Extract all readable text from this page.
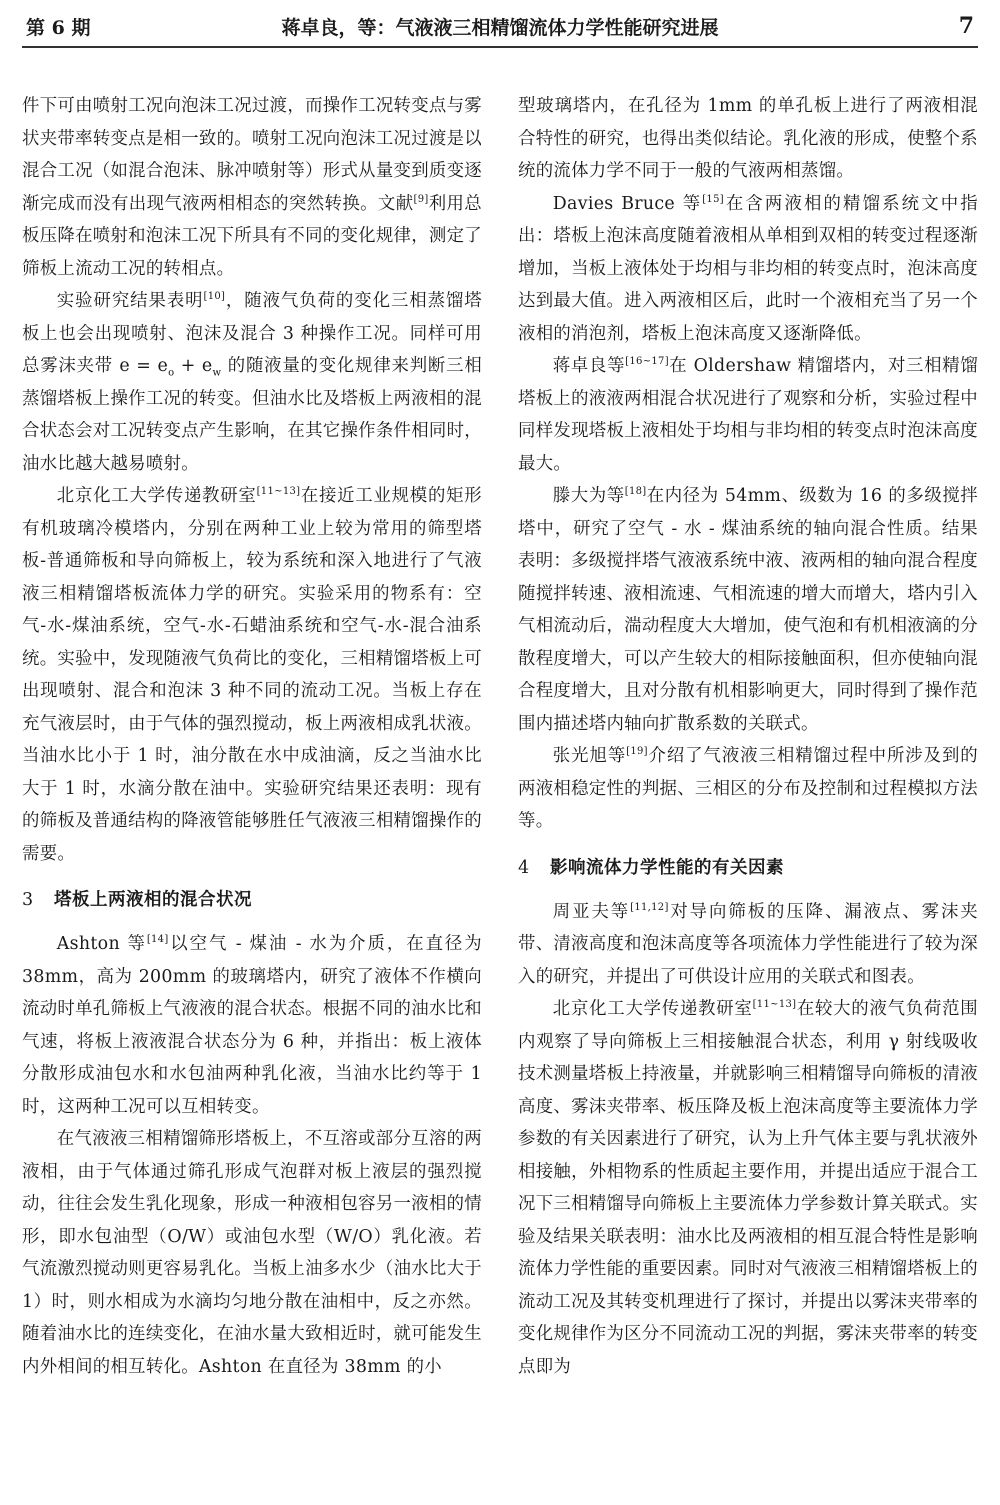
第 6 期	蒋卓良，等：气液液三相精馏流体力学性能研究进展	7

件下可由喷射工况向泡沫工况过渡，而操作工况转变点与雾状夹带率转变点是相一致的。喷射工况向泡沫工况过渡是以混合工况（如混合泡沫、脉冲喷射等）形式从量变到质变逐渐完成而没有出现气液两相相态的突然转换。文献[9]利用总板压降在喷射和泡沫工况下所具有不同的变化规律，测定了筛板上流动工况的转相点。

实验研究结果表明[10]，随液气负荷的变化三相蒸馏塔板上也会出现喷射、泡沫及混合 3 种操作工况。同样可用总雾沫夹带 $e = e_o + e_w$ 的随液量的变化规律来判断三相蒸馏塔板上操作工况的转变。但油水比及塔板上两液相的混合状态会对工况转变点产生影响，在其它操作条件相同时，油水比越大越易喷射。

北京化工大学传递教研室[11~13]在接近工业规模的矩形有机玻璃冷模塔内，分别在两种工业上较为常用的筛型塔板-普通筛板和导向筛板上，较为系统和深入地进行了气液液三相精馏塔板流体力学的研究。实验采用的物系有：空气-水-煤油系统，空气-水-石蜡油系统和空气-水-混合油系统。实验中，发现随液气负荷比的变化，三相精馏塔板上可出现喷射、混合和泡沫 3 种不同的流动工况。当板上存在充气液层时，由于气体的强烈搅动，板上两液相成乳状液。当油水比小于 1 时，油分散在水中成油滴，反之当油水比大于 1 时，水滴分散在油中。实验研究结果还表明：现有的筛板及普通结构的降液管能够胜任气液液三相精馏操作的需要。

3 塔板上两液相的混合状况

Ashton 等[14]以空气 - 煤油 - 水为介质，在直径为 38mm，高为 200mm 的玻璃塔内，研究了液体不作横向流动时单孔筛板上气液液的混合状态。根据不同的油水比和气速，将板上液液混合状态分为 6 种，并指出：板上液体分散形成油包水和水包油两种乳化液，当油水比约等于 1 时，这两种工况可以互相转变。

在气液液三相精馏筛形塔板上，不互溶或部分互溶的两液相，由于气体通过筛孔形成气泡群对板上液层的强烈搅动，往往会发生乳化现象，形成一种液相包容另一液相的情形，即水包油型（O/W）或油包水型（W/O）乳化液。若气流激烈搅动则更容易乳化。当板上油多水少（油水比大于 1）时，则水相成为水滴均匀地分散在油相中，反之亦然。随着油水比的连续变化，在油水量大致相近时，就可能发生内外相间的相互转化。Ashton 在直径为 38mm 的小

型玻璃塔内，在孔径为 1mm 的单孔板上进行了两液相混合特性的研究，也得出类似结论。乳化液的形成，使整个系统的流体力学不同于一般的气液两相蒸馏。

Davies Bruce 等[15]在含两液相的精馏系统文中指出：塔板上泡沫高度随着液相从单相到双相的转变过程逐渐增加，当板上液体处于均相与非均相的转变点时，泡沫高度达到最大值。进入两液相区后，此时一个液相充当了另一个液相的消泡剂，塔板上泡沫高度又逐渐降低。

蒋卓良等[16~17]在 Oldershaw 精馏塔内，对三相精馏塔板上的液液两相混合状况进行了观察和分析，实验过程中同样发现塔板上液相处于均相与非均相的转变点时泡沫高度最大。

滕大为等[18]在内径为 54mm、级数为 16 的多级搅拌塔中，研究了空气 - 水 - 煤油系统的轴向混合性质。结果表明：多级搅拌塔气液液系统中液、液两相的轴向混合程度随搅拌转速、液相流速、气相流速的增大而增大，塔内引入气相流动后，湍动程度大大增加，使气泡和有机相液滴的分散程度增大，可以产生较大的相际接触面积，但亦使轴向混合程度增大，且对分散有机相影响更大，同时得到了操作范围内描述塔内轴向扩散系数的关联式。

张光旭等[19]介绍了气液液三相精馏过程中所涉及到的两液相稳定性的判据、三相区的分布及控制和过程模拟方法等。

4 影响流体力学性能的有关因素

周亚夫等[11,12]对导向筛板的压降、漏液点、雾沫夹带、清液高度和泡沫高度等各项流体力学性能进行了较为深入的研究，并提出了可供设计应用的关联式和图表。

北京化工大学传递教研室[11~13]在较大的液气负荷范围内观察了导向筛板上三相接触混合状态，利用 γ 射线吸收技术测量塔板上持液量，并就影响三相精馏导向筛板的清液高度、雾沫夹带率、板压降及板上泡沫高度等主要流体力学参数的有关因素进行了研究，认为上升气体主要与乳状液外相接触，外相物系的性质起主要作用，并提出适应于混合工况下三相精馏导向筛板上主要流体力学参数计算关联式。实验及结果关联表明：油水比及两液相的相互混合特性是影响流体力学性能的重要因素。同时对气液液三相精馏塔板上的流动工况及其转变机理进行了探讨，并提出以雾沫夹带率的变化规律作为区分不同流动工况的判据，雾沫夹带率的转变点即为
